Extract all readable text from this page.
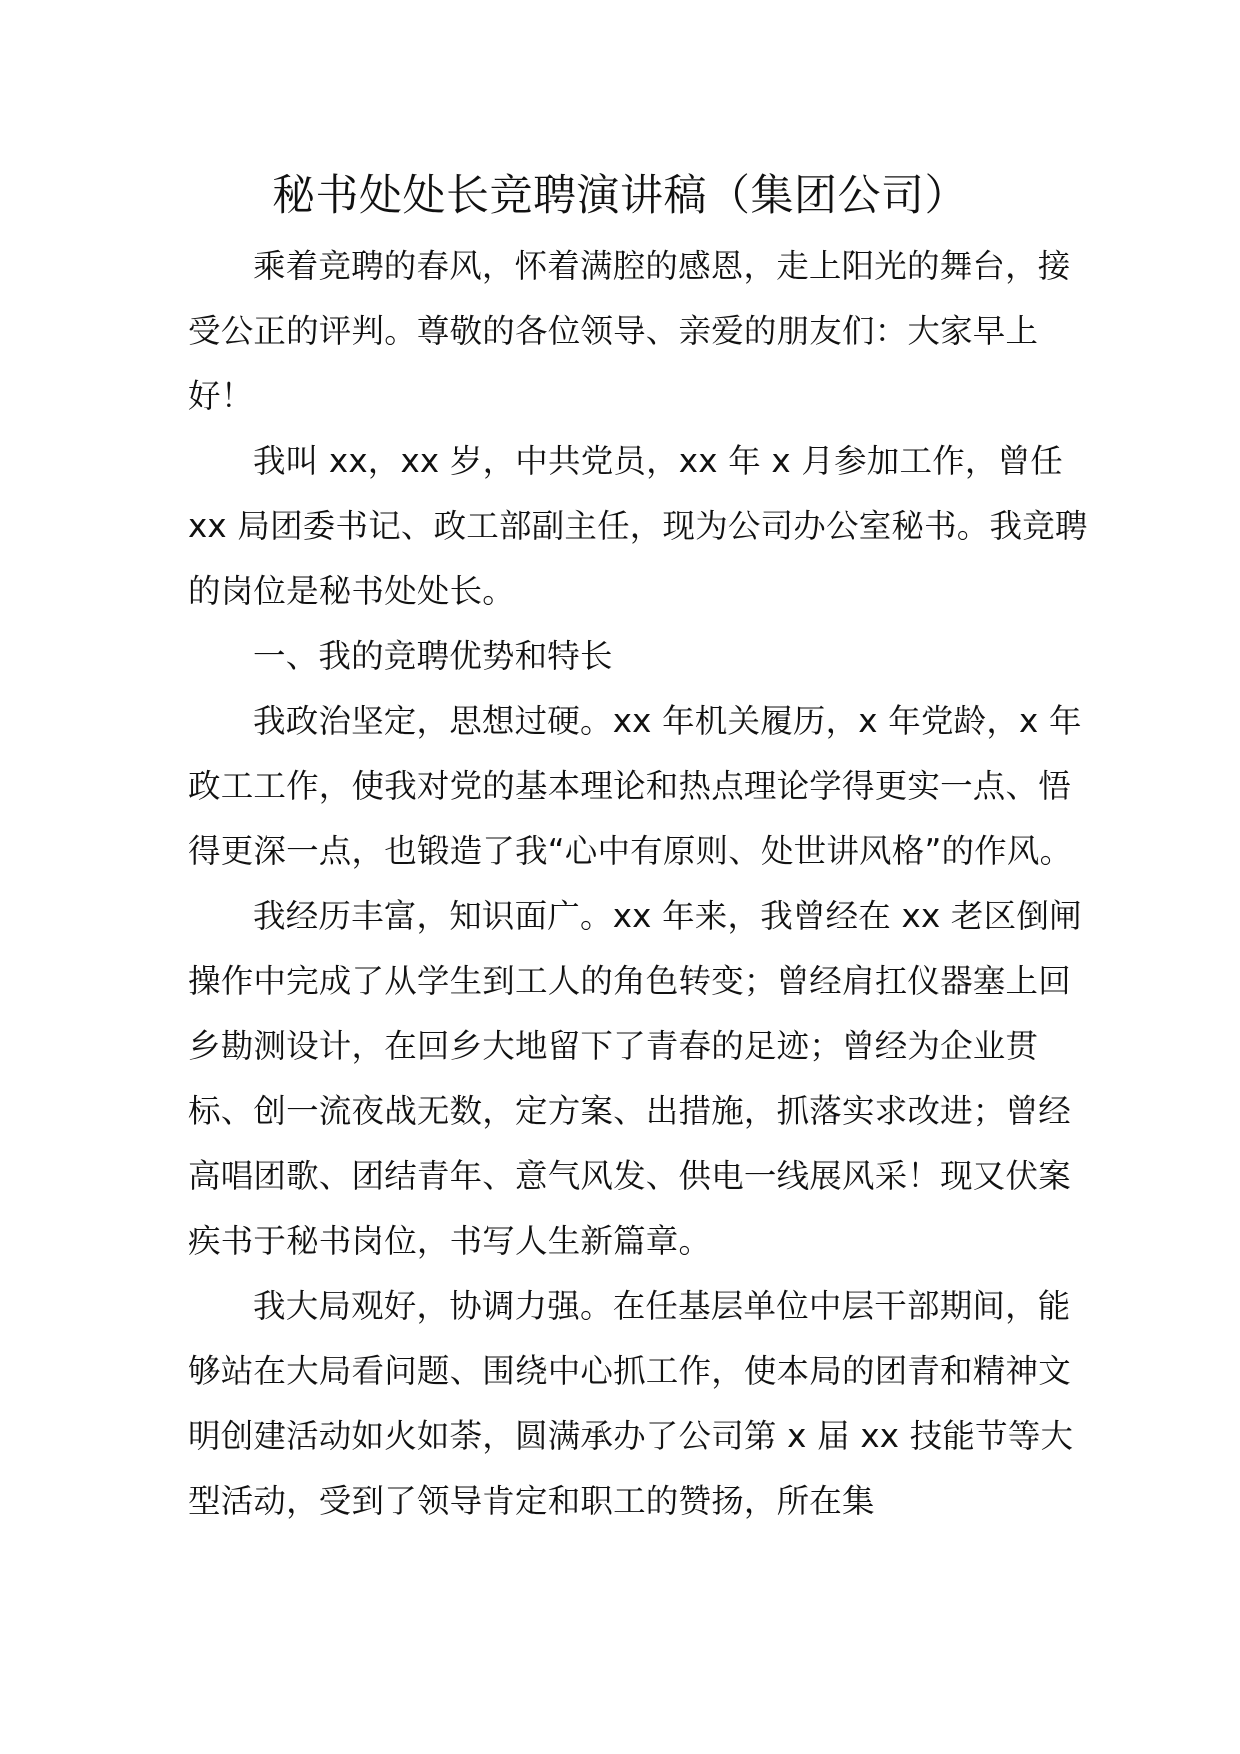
秘书处处长竞聘演讲稿（集团公司）

乘着竞聘的春风，怀着满腔的感恩，走上阳光的舞台，接受公正的评判。尊敬的各位领导、亲爱的朋友们：大家早上好！

我叫 xx，xx 岁，中共党员，xx 年 x 月参加工作，曾任 xx 局团委书记、政工部副主任，现为公司办公室秘书。我竞聘的岗位是秘书处处长。

一、我的竞聘优势和特长

我政治坚定，思想过硬。xx 年机关履历，x 年党龄，x 年政工工作，使我对党的基本理论和热点理论学得更实一点、悟得更深一点，也锻造了我“心中有原则、处世讲风格”的作风。

我经历丰富，知识面广。xx 年来，我曾经在 xx 老区倒闸操作中完成了从学生到工人的角色转变；曾经肩扛仪器塞上回乡勘测设计，在回乡大地留下了青春的足迹；曾经为企业贯标、创一流夜战无数，定方案、出措施，抓落实求改进；曾经高唱团歌、团结青年、意气风发、供电一线展风采！现又伏案疾书于秘书岗位，书写人生新篇章。

我大局观好，协调力强。在任基层单位中层干部期间，能够站在大局看问题、围绕中心抓工作，使本局的团青和精神文明创建活动如火如荼，圆满承办了公司第 x 届 xx 技能节等大型活动，受到了领导肯定和职工的赞扬，所在集
